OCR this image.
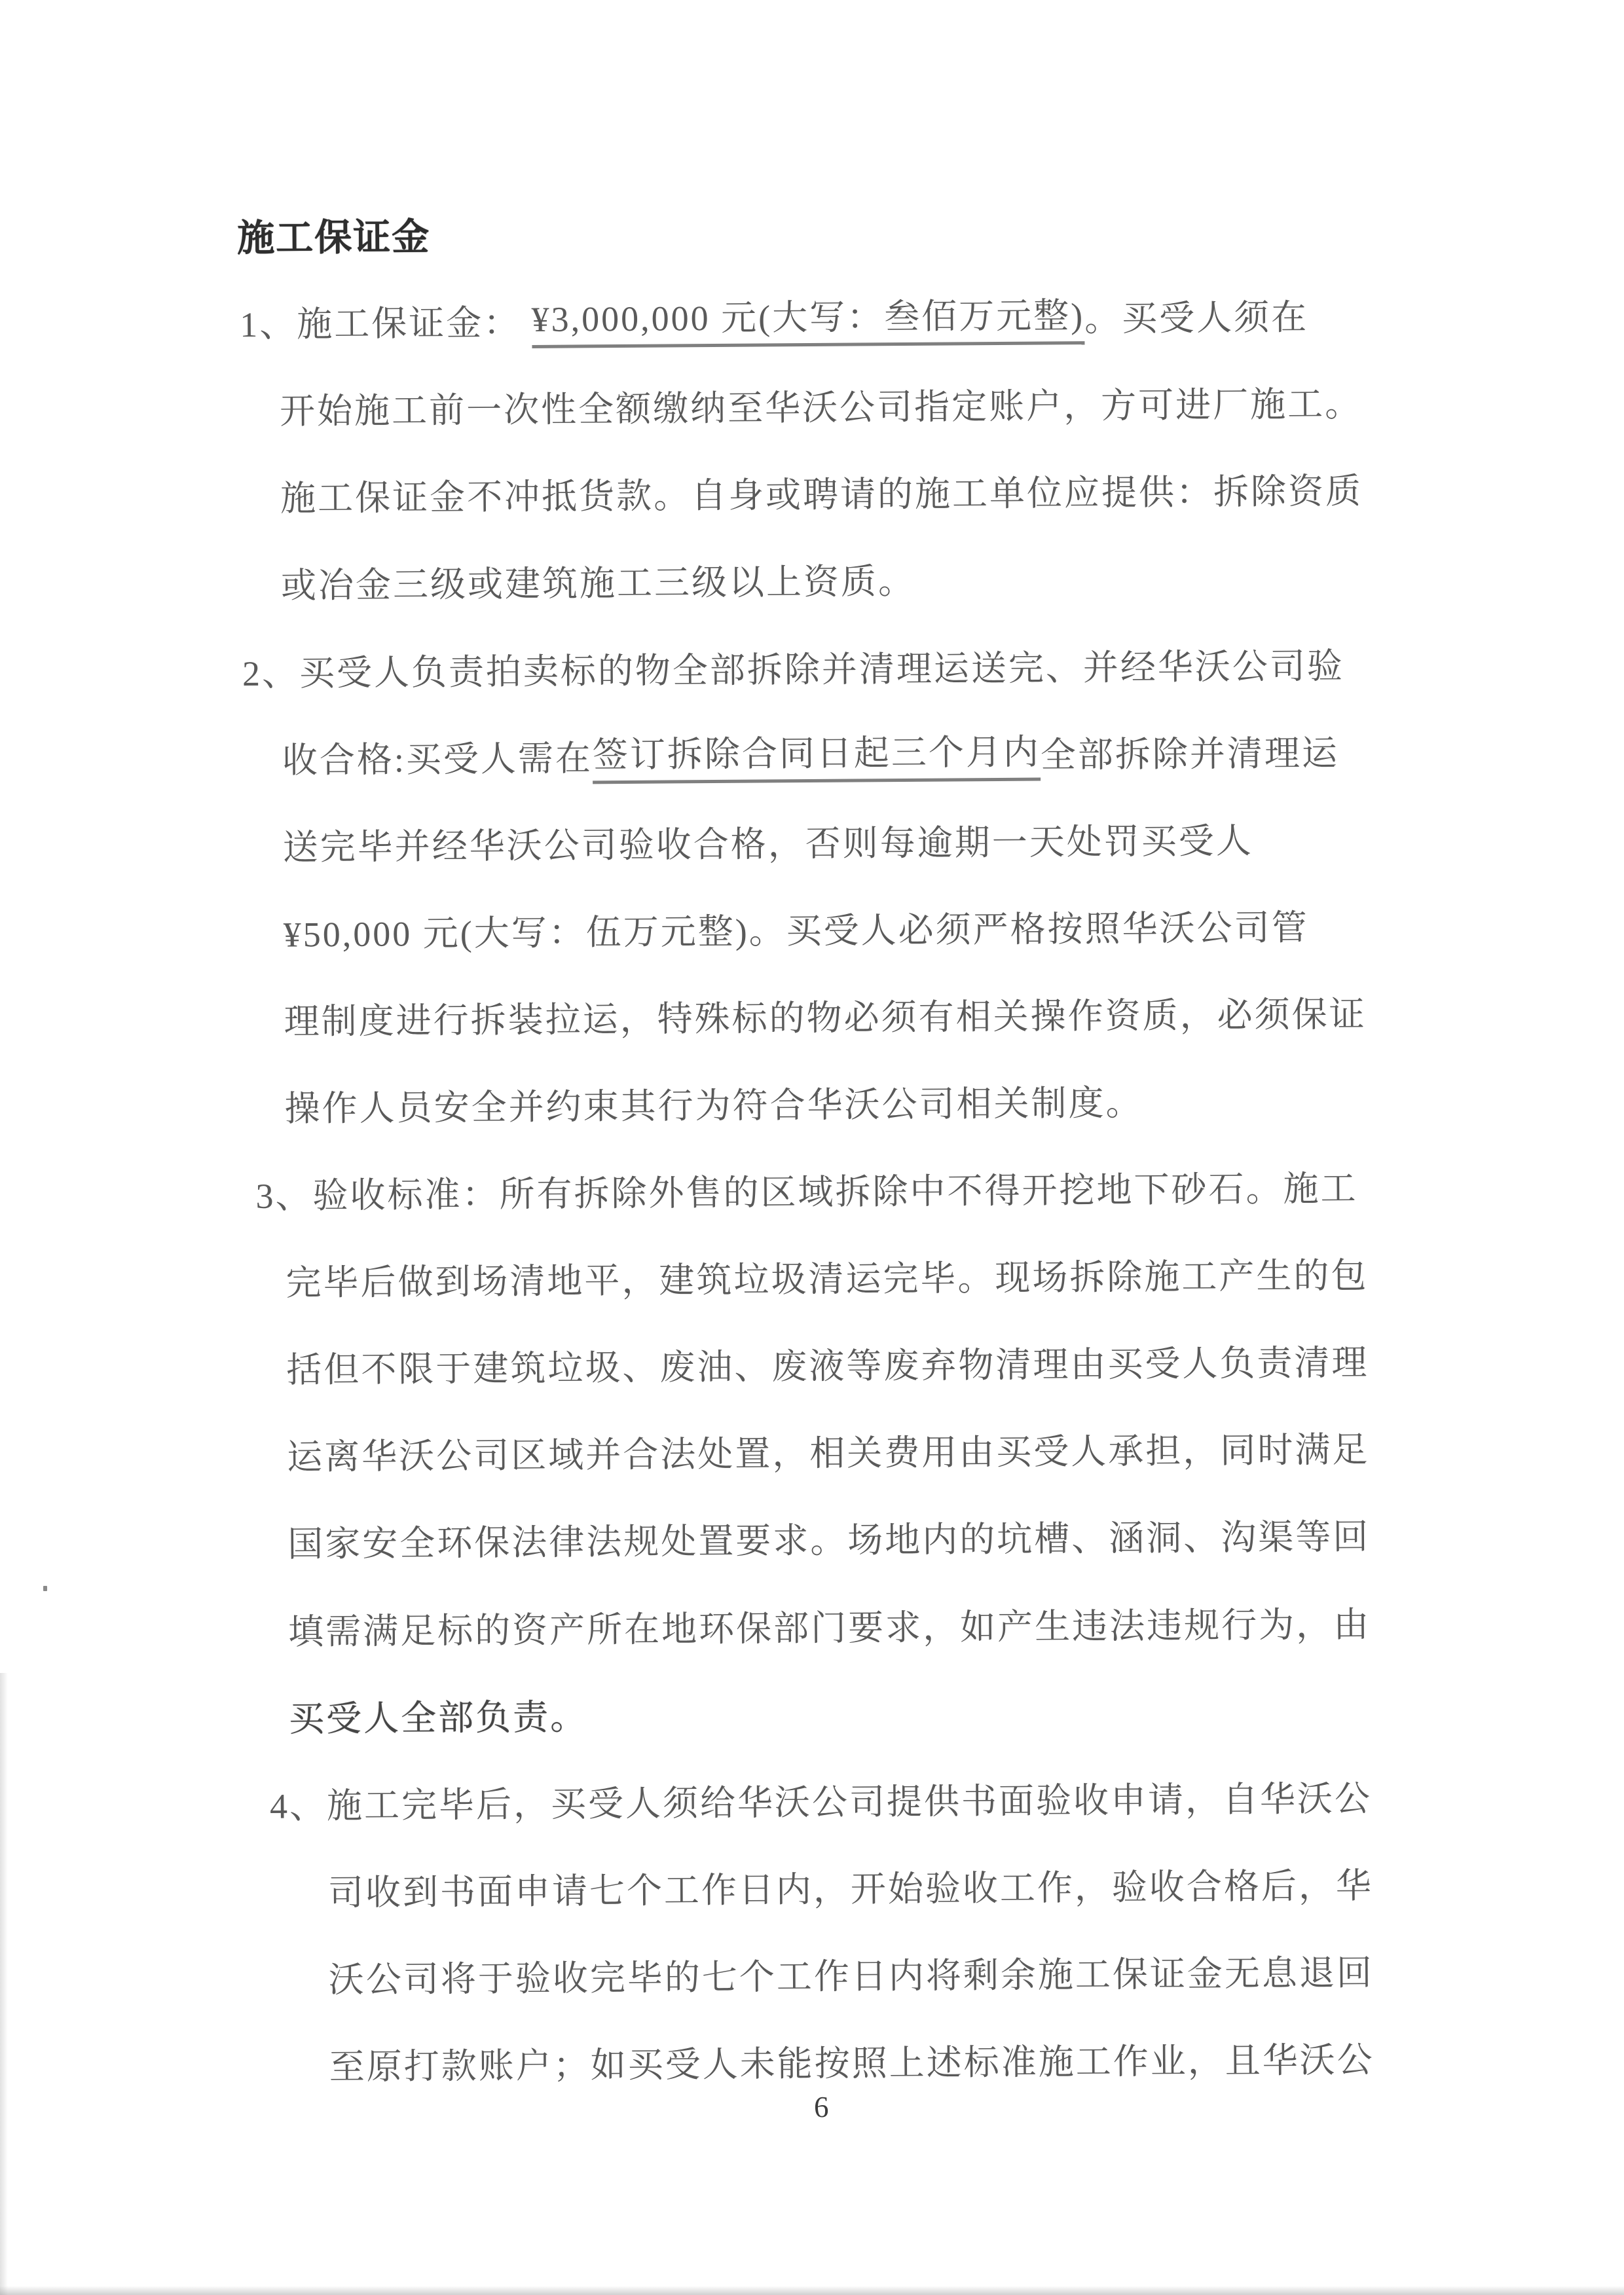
施工保证金
1、 施工保证金： ¥3,000,000 元(大写：叁佰万元整) 。买受人须在
开始施工前一次性全额缴纳至华沃公司指定账户，方可进厂施工。
施工保证金不冲抵货款。自身或聘请的施工单位应提供：拆除资质
或冶金三级或建筑施工三级以上资质。
2、 买受人负责拍卖标的物全部拆除并清理运送完、并经华沃公司验
收合格:买受人需在 签订拆除合同日起三个月内 全部拆除并清理运
送完毕并经华沃公司验收合格，否则每逾期一天处罚买受人
¥50,000 元(大写：伍万元整)。买受人必须严格按照华沃公司管
理制度进行拆装拉运，特殊标的物必须有相关操作资质，必须保证
操作人员安全并约束其行为符合华沃公司相关制度。
3、 验收标准：所有拆除外售的区域拆除中不得开挖地下砂石。施工
完毕后做到场清地平，建筑垃圾清运完毕。现场拆除施工产生的包
括但不限于建筑垃圾、废油、废液等废弃物清理由买受人负责清理
运离华沃公司区域并合法处置，相关费用由买受人承担，同时满足
国家安全环保法律法规处置要求。场地内的坑槽、涵洞、沟渠等回
填需满足标的资产所在地环保部门要求，如产生违法违规行为，由
买受人全部负责。
4、 施工完毕后，买受人须给华沃公司提供书面验收申请，自华沃公
司收到书面申请七个工作日内，开始验收工作，验收合格后，华
沃公司将于验收完毕的七个工作日内将剩余施工保证金无息退回
至原打款账户；如买受人未能按照上述标准施工作业，且华沃公
6
